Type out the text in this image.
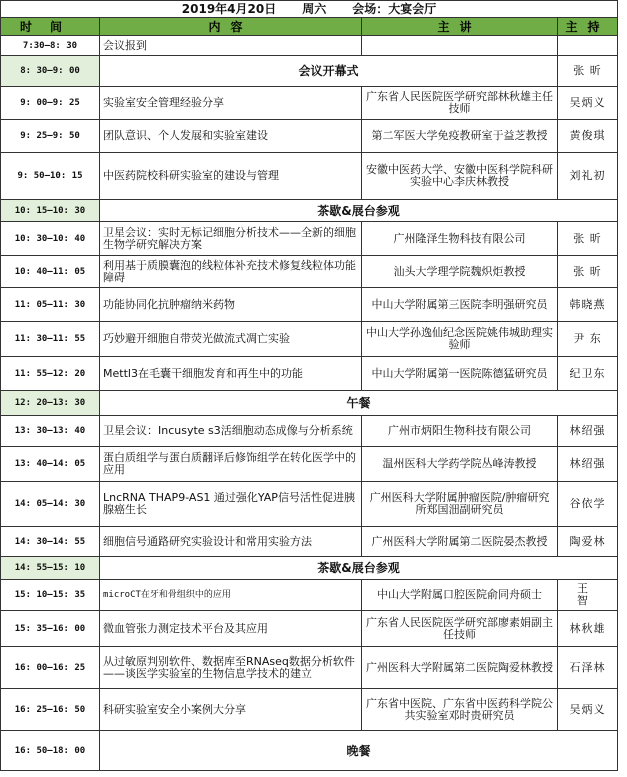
2019年4月20日 周六 会场：大宴会厅			
时间	内容	主讲	主持
7:30—8: 30	会议报到		
8: 30—9: 00	会议开幕式		张 昕
9: 00—9: 25	实验室安全管理经验分享	广东省人民医院医学研究部林秋雄主任技师	吴炳义
9: 25—9: 50	团队意识、个人发展和实验室建设	第二军医大学免疫教研室于益芝教授	黄俊琪
9: 50—10: 15	中医药院校科研实验室的建设与管理	安徽中医药大学、安徽中医科学院科研实验中心李庆林教授	刘礼初
10: 15—10: 30	茶歇&展台参观		
10: 30—10: 40	卫星会议：实时无标记细胞分析技术——全新的细胞生物学研究解决方案	广州隆泽生物科技有限公司	张 昕
10: 40—11: 05	利用基于质膜囊泡的线粒体补充技术修复线粒体功能障碍	汕头大学理学院魏炽炬教授	张 昕
11: 05—11: 30	功能协同化抗肿瘤纳米药物	中山大学附属第三医院李明强研究员	韩晓燕
11: 30—11: 55	巧妙避开细胞自带荧光做流式凋亡实验	中山大学孙逸仙纪念医院姚伟城助理实验师	尹 东
11: 55—12: 20	Mettl3在毛囊干细胞发育和再生中的功能	中山大学附属第一医院陈德猛研究员	纪卫东
12: 20—13: 30	午餐		
13: 30—13: 40	卫星会议：Incusyte s3活细胞动态成像与分析系统	广州市炳阳生物科技有限公司	林绍强
13: 40—14: 05	蛋白质组学与蛋白质翻译后修饰组学在转化医学中的应用	温州医科大学药学院丛峰涛教授	林绍强
14: 05—14: 30	LncRNA THAP9-AS1 通过强化YAP信号活性促进胰腺癌生长	广州医科大学附属肿瘤医院/肿瘤研究所郑国沺副研究员	谷依学
14: 30—14: 55	细胞信号通路研究实验设计和常用实验方法	广州医科大学附属第二医院晏杰教授	陶爱林
14: 55—15: 10	茶歇&展台参观		
15: 10—15: 35	microCT在牙和骨组织中的应用	中山大学附属口腔医院俞同舟硕士	王 智
15: 35—16: 00	微血管张力测定技术平台及其应用	广东省人民医院医学研究部廖素娟副主任技师	林秋雄
16: 00—16: 25	从过敏原判别软件、数据库至RNAseq数据分析软件——谈医学实验室的生物信息学技术的建立	广州医科大学附属第二医院陶爱林教授	石泽林
16: 25—16: 50	科研实验室安全小案例大分享	广东省中医院、广东省中医药科学院公共实验室邓时贵研究员	吴炳义
16: 50—18: 00	晚餐		
